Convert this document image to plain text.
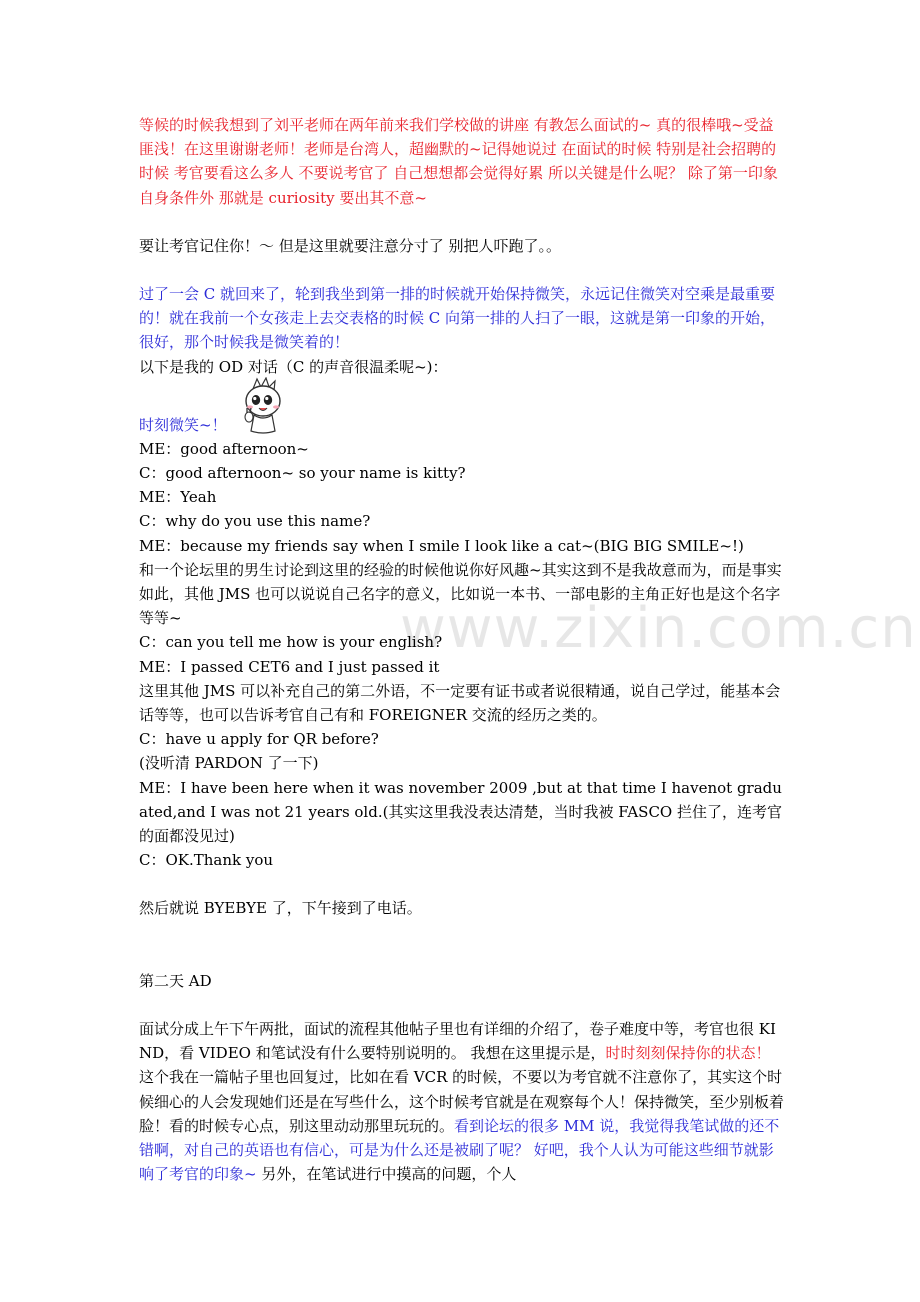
www.zixin.com.cn

等候的时候我想到了刘平老师在两年前来我们学校做的讲座 有教怎么面试的~ 真的很棒哦~受益匪浅！在这里谢谢老师！老师是台湾人，超幽默的~记得她说过 在面试的时候 特别是社会招聘的时候 考官要看这么多人 不要说考官了 自己想想都会觉得好累 所以关键是什么呢？ 除了第一印象 自身条件外 那就是 curiosity 要出其不意~

要让考官记住你！～ 但是这里就要注意分寸了 别把人吓跑了。。

过了一会 C 就回来了，轮到我坐到第一排的时候就开始保持微笑，永远记住微笑对空乘是最重要的！就在我前一个女孩走上去交表格的时候 C 向第一排的人扫了一眼，这就是第一印象的开始，很好，那个时候我是微笑着的！

以下是我的 OD 对话（C 的声音很温柔呢~)：

时刻微笑~！

ME：good afternoon~

C：good afternoon~ so your name is kitty?

ME：Yeah

C：why do you use this name?

ME：because my friends say when I smile I look like a cat~(BIG BIG SMILE~!)

和一个论坛里的男生讨论到这里的经验的时候他说你好风趣~其实这到不是我故意而为，而是事实如此，其他 JMS 也可以说说自己名字的意义，比如说一本书、一部电影的主角正好也是这个名字等等~

C：can you tell me how is your english?

ME：I passed CET6 and I just passed it

这里其他 JMS 可以补充自己的第二外语，不一定要有证书或者说很精通，说自己学过，能基本会话等等，也可以告诉考官自己有和 FOREIGNER 交流的经历之类的。

C：have u apply for QR before?

(没听清 PARDON 了一下)

ME：I have been here when it was november 2009 ,but at that time I havenot graduated,and I was not 21 years old.(其实这里我没表达清楚，当时我被 FASCO 拦住了，连考官的面都没见过)

C：OK.Thank you

然后就说 BYEBYE 了，下午接到了电话。

第二天 AD

面试分成上午下午两批，面试的流程其他帖子里也有详细的介绍了，卷子难度中等，考官也很 KIND，看 VIDEO 和笔试没有什么要特别说明的。 我想在这里提示是，时时刻刻保持你的状态！这个我在一篇帖子里也回复过，比如在看 VCR 的时候，不要以为考官就不注意你了，其实这个时候细心的人会发现她们还是在写些什么，这个时候考官就是在观察每个人！保持微笑，至少别板着脸！看的时候专心点，别这里动动那里玩玩的。看到论坛的很多 MM 说，我觉得我笔试做的还不错啊，对自己的英语也有信心，可是为什么还是被刷了呢？ 好吧，我个人认为可能这些细节就影响了考官的印象~ 另外，在笔试进行中摸高的问题，个人
